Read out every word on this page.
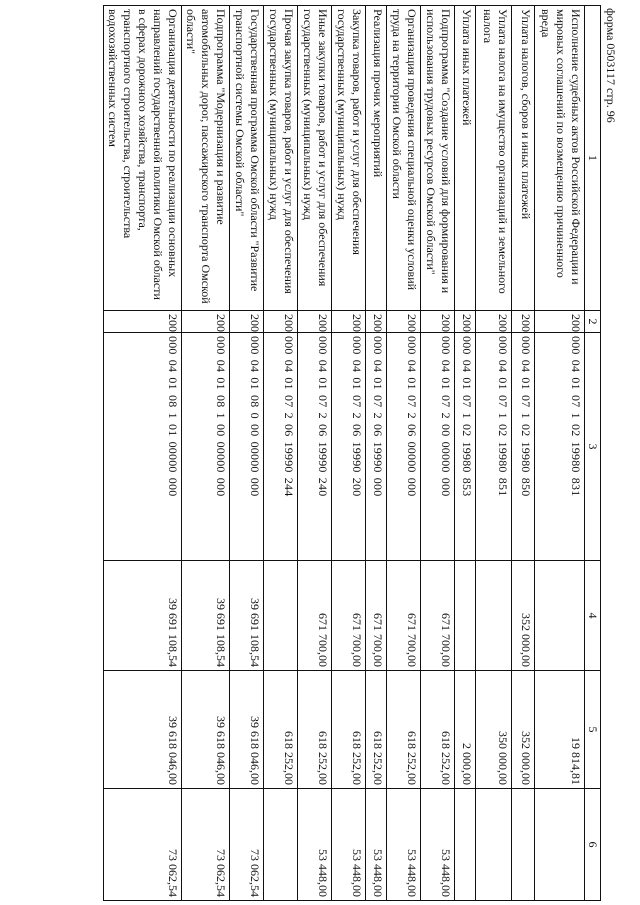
форма 0503117 стр. 96
1	2	3	4	5	6
Исполнение судебных актов Российской Федерации и мировых соглашений по возмещению причиненного вреда	200	000 04 01 07 1 02 19980 831		19 814,81	
Уплата налогов, сборов и иных платежей	200	000 04 01 07 1 02 19980 850	352 000,00	352 000,00	
Уплата налога на имущество организаций и земельного налога	200	000 04 01 07 1 02 19980 851		350 000,00	
Уплата иных платежей	200	000 04 01 07 1 02 19980 853		2 000,00	
Подпрограмма "Создание условий для формирования и использования трудовых ресурсов Омской области"	200	000 04 01 07 2 00 00000 000	671 700,00	618 252,00	53 448,00
Организация проведения специальной оценки условий труда на территории Омской области	200	000 04 01 07 2 06 00000 000	671 700,00	618 252,00	53 448,00
Реализация прочих мероприятий	200	000 04 01 07 2 06 19990 000	671 700,00	618 252,00	53 448,00
Закупка товаров, работ и услуг для обеспечения государственных (муниципальных) нужд	200	000 04 01 07 2 06 19990 200	671 700,00	618 252,00	53 448,00
Иные закупки товаров, работ и услуг для обеспечения государственных (муниципальных) нужд	200	000 04 01 07 2 06 19990 240	671 700,00	618 252,00	53 448,00
Прочая закупка товаров, работ и услуг для обеспечения государственных (муниципальных) нужд	200	000 04 01 07 2 06 19990 244		618 252,00	
Государственная программа Омской области "Развитие транспортной системы Омской области"	200	000 04 01 08 0 00 00000 000	39 691 108,54	39 618 046,00	73 062,54
Подпрограмма "Модернизация и развитие автомобильных дорог, пассажирского транспорта Омской области"	200	000 04 01 08 1 00 00000 000	39 691 108,54	39 618 046,00	73 062,54
Организация деятельности по реализации основных направлений государственной политики Омской области в сферах дорожного хозяйства, транспорта, транспортного строительства, строительства водохозяйственных систем	200	000 04 01 08 1 01 00000 000	39 691 108,54	39 618 046,00	73 062,54
